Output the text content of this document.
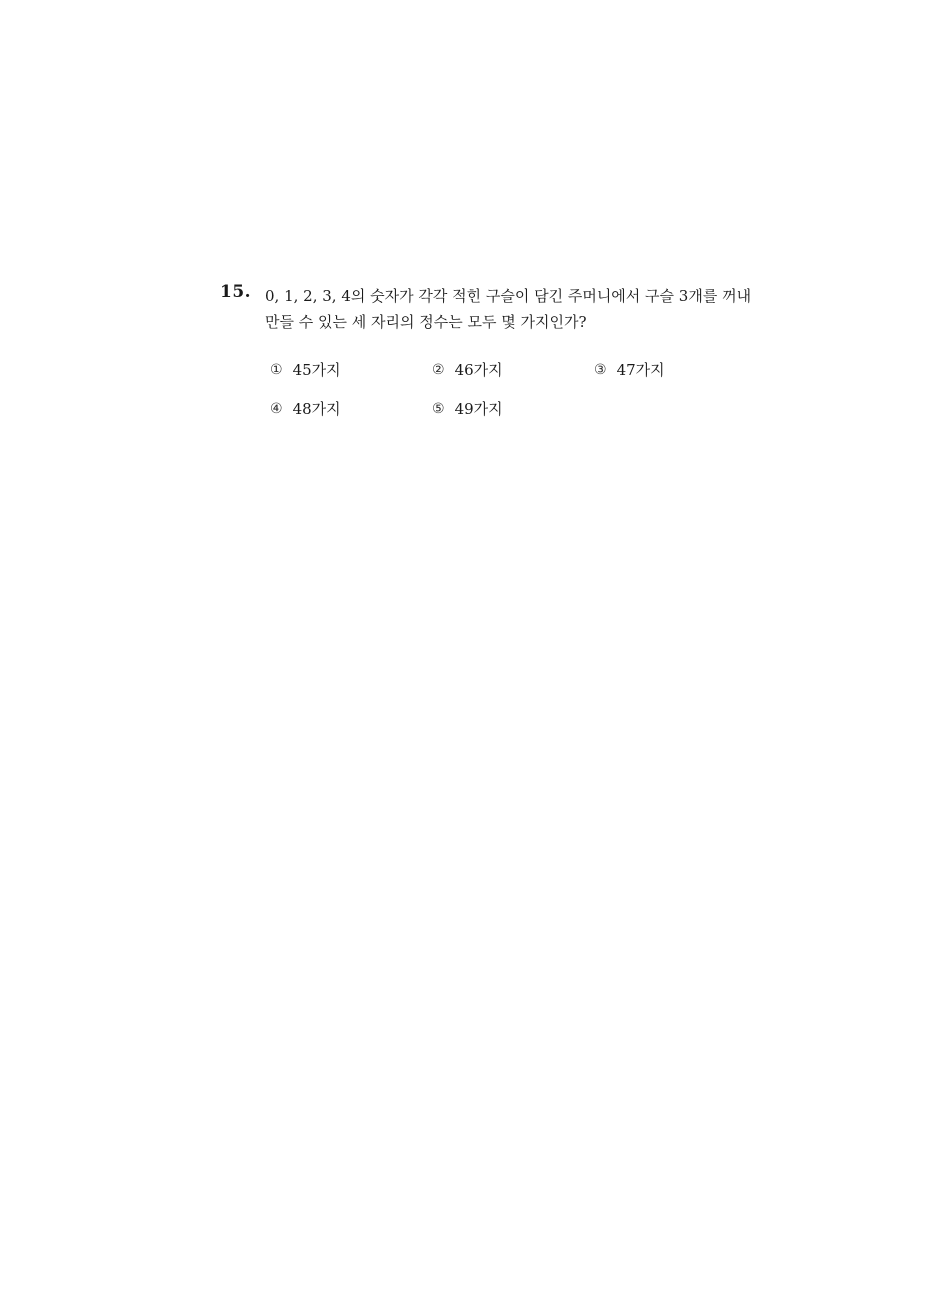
15. 0, 1, 2, 3, 4의 숫자가 각각 적힌 구슬이 담긴 주머니에서 구슬 3개를 꺼내
만들 수 있는 세 자리의 정수는 모두 몇 가지인가?
① 45가지	② 46가지	③ 47가지
④ 48가지	⑤ 49가지
